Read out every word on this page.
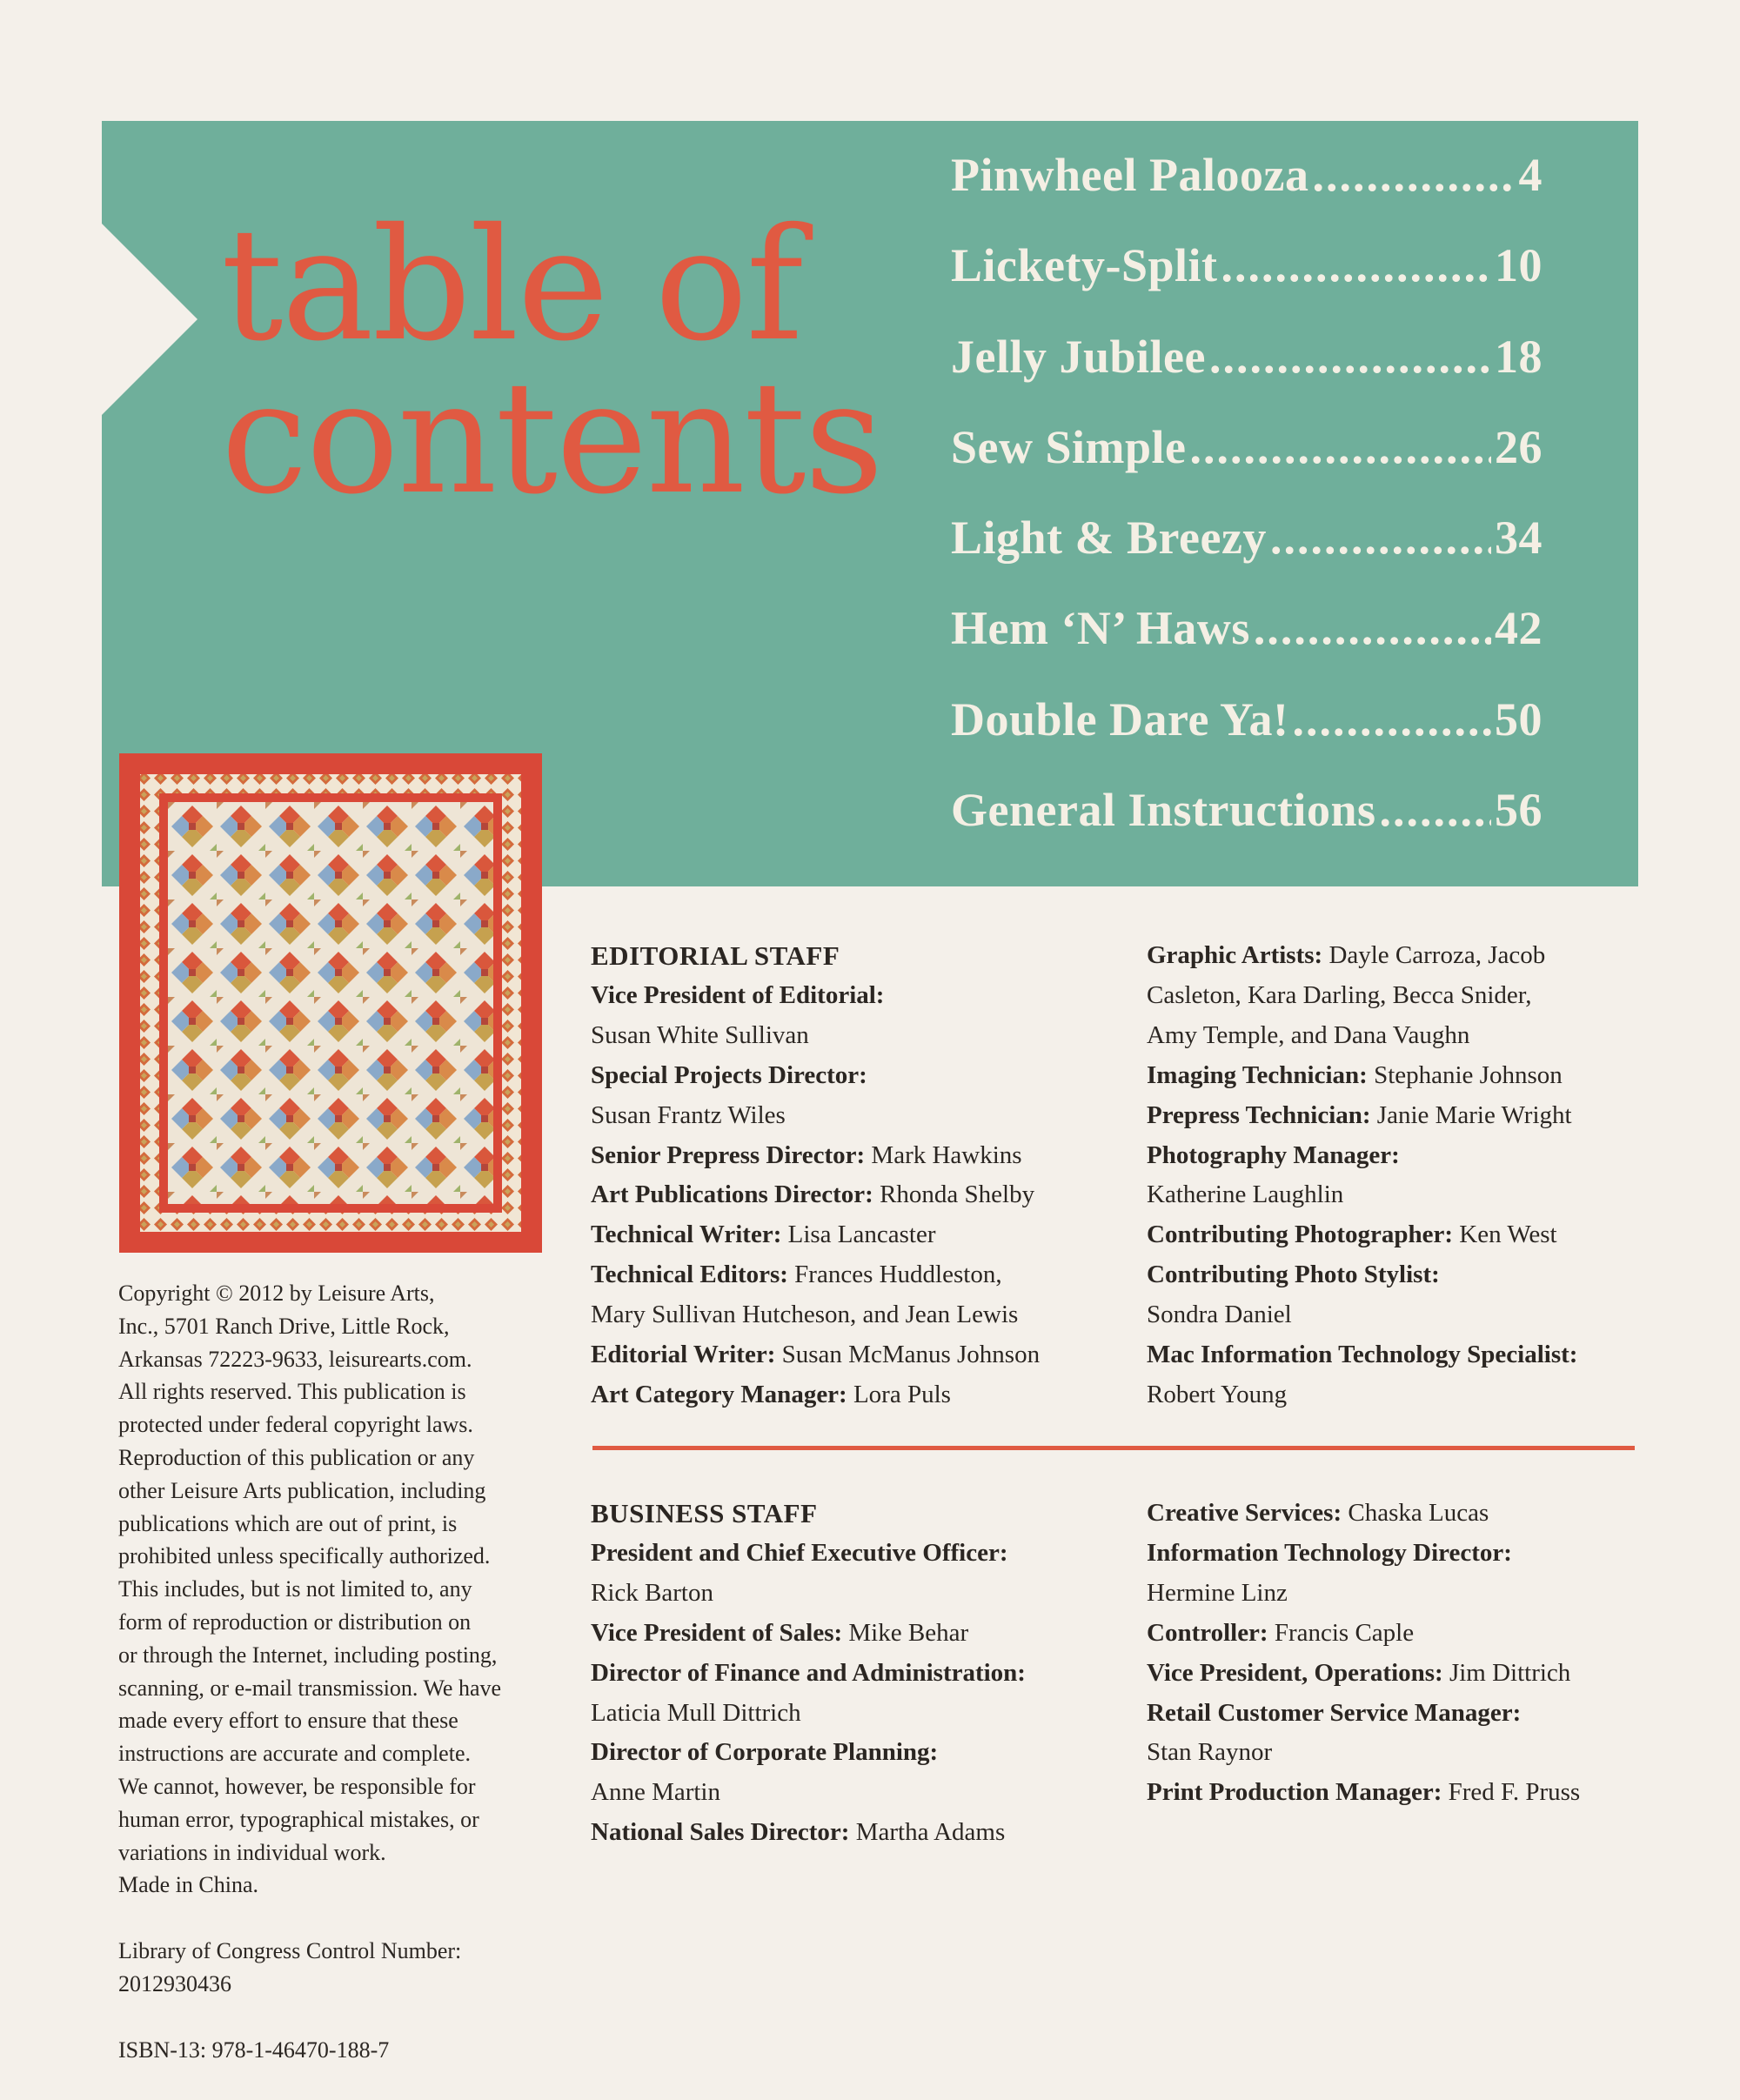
table of
contents
Pinwheel Palooza .....	4
Lickety-Split .....	10
Jelly Jubilee .....	18
Sew Simple .....	26
Light & Breezy .....	34
Hem ‘N’ Haws .....	42
Double Dare Ya! .....	50
General Instructions .....	56

Copyright © 2012 by Leisure Arts,

Inc., 5701 Ranch Drive, Little Rock,

Arkansas 72223-9633, leisurearts.com.

All rights reserved. This publication is

protected under federal copyright laws.

Reproduction of this publication or any

other Leisure Arts publication, including

publications which are out of print, is

prohibited unless specifically authorized.

This includes, but is not limited to, any

form of reproduction or distribution on

or through the Internet, including posting,

scanning, or e-mail transmission. We have

made every effort to ensure that these

instructions are accurate and complete.

We cannot, however, be responsible for

human error, typographical mistakes, or

variations in individual work.

Made in China.

Library of Congress Control Number:

2012930436

ISBN-13: 978-1-46470-188-7

EDITORIAL STAFF

Vice President of Editorial:

Susan White Sullivan

Special Projects Director:

Susan Frantz Wiles

Senior Prepress Director: Mark Hawkins

Art Publications Director: Rhonda Shelby

Technical Writer: Lisa Lancaster

Technical Editors: Frances Huddleston,

Mary Sullivan Hutcheson, and Jean Lewis

Editorial Writer: Susan McManus Johnson

Art Category Manager: Lora Puls

Graphic Artists: Dayle Carroza, Jacob

Casleton, Kara Darling, Becca Snider,

Amy Temple, and Dana Vaughn

Imaging Technician: Stephanie Johnson

Prepress Technician: Janie Marie Wright

Photography Manager:

Katherine Laughlin

Contributing Photographer: Ken West

Contributing Photo Stylist:

Sondra Daniel

Mac Information Technology Specialist:

Robert Young

BUSINESS STAFF

President and Chief Executive Officer:

Rick Barton

Vice President of Sales: Mike Behar

Director of Finance and Administration:

Laticia Mull Dittrich

Director of Corporate Planning:

Anne Martin

National Sales Director: Martha Adams

Creative Services: Chaska Lucas

Information Technology Director:

Hermine Linz

Controller: Francis Caple

Vice President, Operations: Jim Dittrich

Retail Customer Service Manager:

Stan Raynor

Print Production Manager: Fred F. Pruss
